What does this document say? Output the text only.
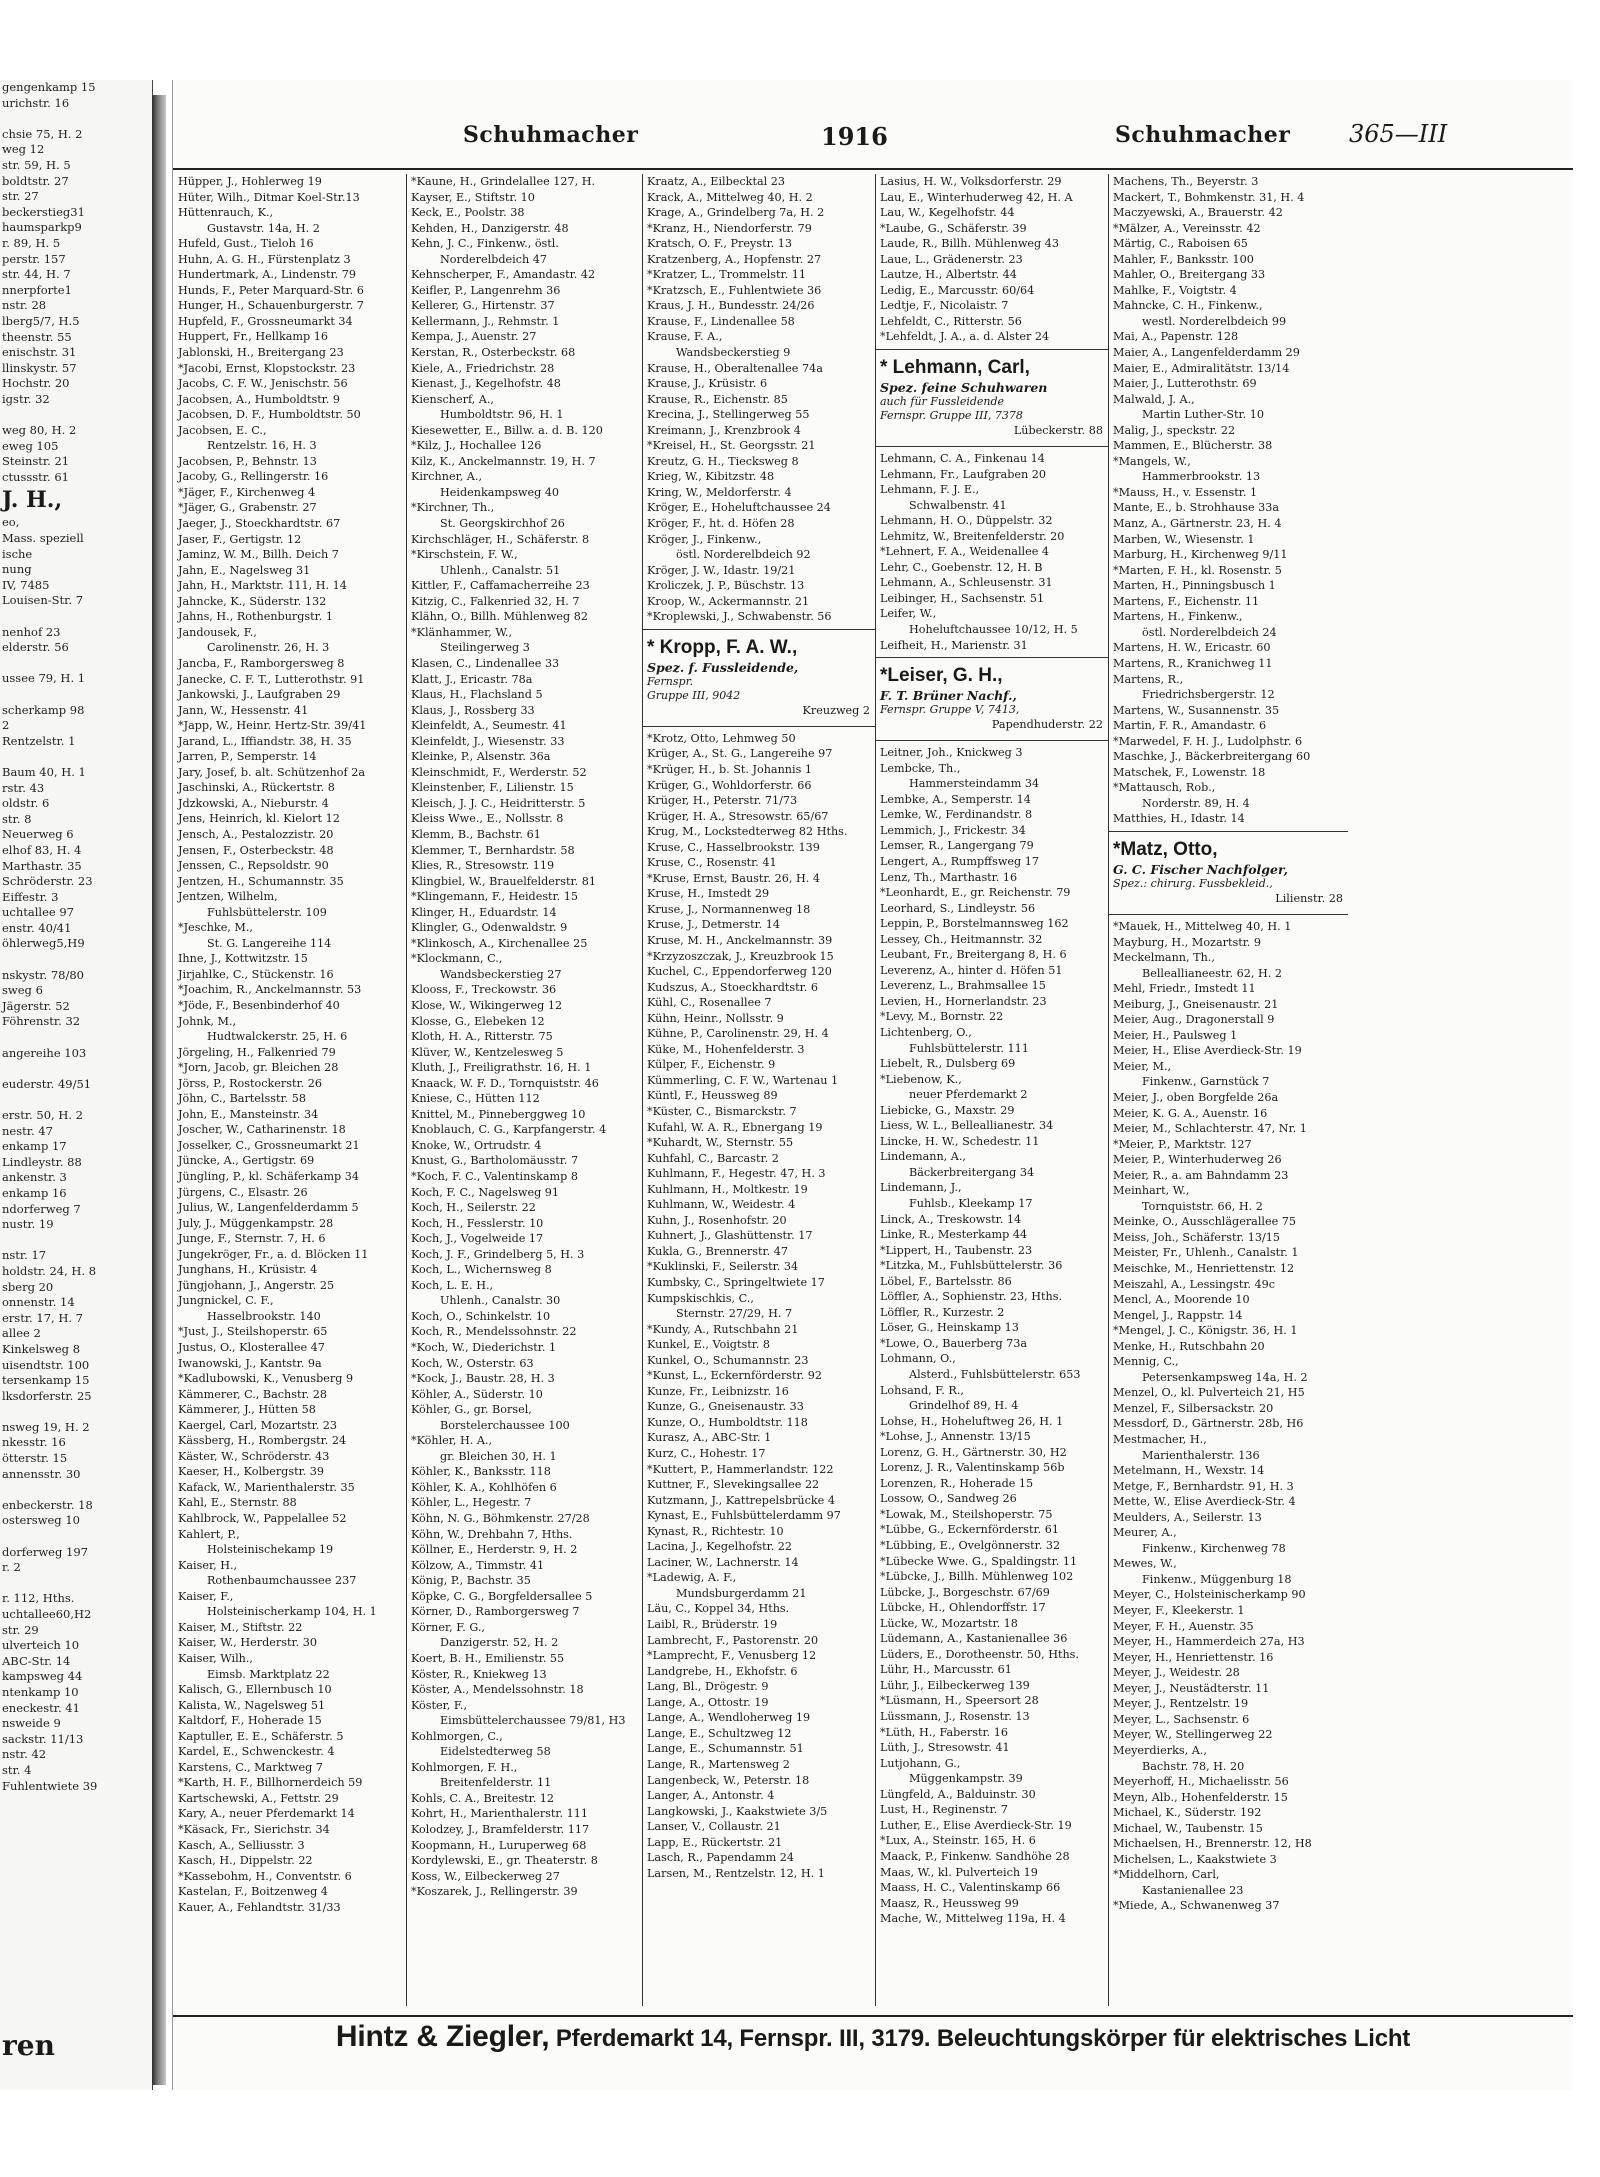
gengenkamp 15
urichstr. 16

chsie 75, H. 2
weg 12
str. 59, H. 5
boldtstr. 27
str. 27
beckerstieg31
haumsparkp9
r. 89, H. 5
perstr. 157
str. 44, H. 7
nnerpforte1
nstr. 28
lberg5/7, H.5
theenstr. 55
enischstr. 31
llinskystr. 57
Hochstr. 20
igstr. 32

weg 80, H. 2
eweg 105
Steinstr. 21
ctussstr. 61
J. H.,
eo,
Mass. speziell
ische
nung
IV, 7485
Louisen-Str. 7

nenhof 23
elderstr. 56

ussee 79, H. 1

scherkamp 98
2
Rentzelstr. 1

Baum 40, H. 1
rstr. 43
oldstr. 6
str. 8
Neuerweg 6
elhof 83, H. 4
Marthastr. 35
Schröderstr. 23
Eiffestr. 3
uchtallee 97
enstr. 40/41
öhlerweg5,H9

nskystr. 78/80
sweg 6
Jägerstr. 52
Föhrenstr. 32

angereihe 103

euderstr. 49/51

erstr. 50, H. 2
nestr. 47
enkamp 17
Lindleystr. 88
ankenstr. 3
enkamp 16
ndorferweg 7
nustr. 19

nstr. 17
holdstr. 24, H. 8
sberg 20
onnenstr. 14
erstr. 17, H. 7
allee 2
Kinkelsweg 8
uisendtstr. 100
tersenkamp 15
lksdorferstr. 25

nsweg 19, H. 2
nkesstr. 16
ötterstr. 15
annensstr. 30

enbeckerstr. 18
ostersweg 10

dorferweg 197
r. 2

r. 112, Hths.
uchtallee60,H2
str. 29
ulverteich 10
ABC-Str. 14
kampsweg 44
ntenkamp 10
eneckestr. 41
nsweide 9
sackstr. 11/13
nstr. 42
str. 4
Fuhlentwiete 39
ren
Schuhmacher	1916	Schuhmacher 365—III
Hüpper, J., Hohlerweg 19
Hüter, Wilh., Ditmar Koel-Str.13
Hüttenrauch, K.,
Gustavstr. 14a, H. 2
Hufeld, Gust., Tieloh 16
Huhn, A. G. H., Fürstenplatz 3
Hundertmark, A., Lindenstr. 79
Hunds, F., Peter Marquard-Str. 6
Hunger, H., Schauenburgerstr. 7
Hupfeld, F., Grossneumarkt 34
Huppert, Fr., Hellkamp 16
Jablonski, H., Breitergang 23
*Jacobi, Ernst, Klopstockstr. 23
Jacobs, C. F. W., Jenischstr. 56
Jacobsen, A., Humboldtstr. 9
Jacobsen, D. F., Humboldtstr. 50
Jacobsen, E. C.,
Rentzelstr. 16, H. 3
Jacobsen, P., Behnstr. 13
Jacoby, G., Rellingerstr. 16
*Jäger, F., Kirchenweg 4
*Jäger, G., Grabenstr. 27
Jaeger, J., Stoeckhardtstr. 67
Jaser, F., Gertigstr. 12
Jaminz, W. M., Billh. Deich 7
Jahn, E., Nagelsweg 31
Jahn, H., Marktstr. 111, H. 14
Jahncke, K., Süderstr. 132
Jahns, H., Rothenburgstr. 1
Jandousek, F.,
Carolinenstr. 26, H. 3
Jancba, F., Ramborgersweg 8
Janecke, C. F. T., Lutterothstr. 91
Jankowski, J., Laufgraben 29
Jann, W., Hessenstr. 41
*Japp, W., Heinr. Hertz-Str. 39/41
Jarand, L., Iffiandstr. 38, H. 35
Jarren, P., Semperstr. 14
Jary, Josef, b. alt. Schützenhof 2a
Jaschinski, A., Rückertstr. 8
Jdzkowski, A., Nieburstr. 4
Jens, Heinrich, kl. Kielort 12
Jensch, A., Pestalozzistr. 20
Jensen, F., Osterbeckstr. 48
Jenssen, C., Repsoldstr. 90
Jentzen, H., Schumannstr. 35
Jentzen, Wilhelm,
Fuhlsbüttelerstr. 109
*Jeschke, M.,
St. G. Langereihe 114
Ihne, J., Kottwitzstr. 15
Jirjahlke, C., Stückenstr. 16
*Joachim, R., Anckelmannstr. 53
*Jöde, F., Besenbinderhof 40
Johnk, M.,
Hudtwalckerstr. 25, H. 6
Jörgeling, H., Falkenried 79
*Jorn, Jacob, gr. Bleichen 28
Jörss, P., Rostockerstr. 26
Jöhn, C., Bartelsstr. 58
John, E., Mansteinstr. 34
Joscher, W., Catharinenstr. 18
Josselker, C., Grossneumarkt 21
Jüncke, A., Gertigstr. 69
Jüngling, P., kl. Schäferkamp 34
Jürgens, C., Elsastr. 26
Julius, W., Langenfelderdamm 5
July, J., Müggenkampstr. 28
Junge, F., Sternstr. 7, H. 6
Jungekröger, Fr., a. d. Blöcken 11
Junghans, H., Krüsistr. 4
Jüngjohann, J., Angerstr. 25
Jungnickel, C. F.,
Hasselbrookstr. 140
*Just, J., Steilshoperstr. 65
Justus, O., Klosterallee 47
Iwanowski, J., Kantstr. 9a
*Kadlubowski, K., Venusberg 9
Kämmerer, C., Bachstr. 28
Kämmerer, J., Hütten 58
Kaergel, Carl, Mozartstr. 23
Kässberg, H., Rombergstr. 24
Käster, W., Schröderstr. 43
Kaeser, H., Kolbergstr. 39
Kafack, W., Marienthalerstr. 35
Kahl, E., Sternstr. 88
Kahlbrock, W., Pappelallee 52
Kahlert, P.,
Holsteinischekamp 19
Kaiser, H.,
Rothenbaumchaussee 237
Kaiser, F.,
Holsteinischerkamp 104, H. 1
Kaiser, M., Stiftstr. 22
Kaiser, W., Herderstr. 30
Kaiser, Wilh.,
Eimsb. Marktplatz 22
Kalisch, G., Ellernbusch 10
Kalista, W., Nagelsweg 51
Kaltdorf, F., Hoherade 15
Kaptuller, E. E., Schäferstr. 5
Kardel, E., Schwenckestr. 4
Karstens, C., Marktweg 7
*Karth, H. F., Billhornerdeich 59
Kartschewski, A., Fettstr. 29
Kary, A., neuer Pferdemarkt 14
*Käsack, Fr., Sierichstr. 34
Kasch, A., Selliusstr. 3
Kasch, H., Dippelstr. 22
*Kassebohm, H., Conventstr. 6
Kastelan, F., Boitzenweg 4
Kauer, A., Fehlandtstr. 31/33
*Kaune, H., Grindelallee 127, H.
Kayser, E., Stiftstr. 10
Keck, E., Poolstr. 38
Kehden, H., Danzigerstr. 48
Kehn, J. C., Finkenw., östl.
Norderelbdeich 47
Kehnscherper, F., Amandastr. 42
Keifler, P., Langenrehm 36
Kellerer, G., Hirtenstr. 37
Kellermann, J., Rehmstr. 1
Kempa, J., Auenstr. 27
Kerstan, R., Osterbeckstr. 68
Kiele, A., Friedrichstr. 28
Kienast, J., Kegelhofstr. 48
Kienscherf, A.,
Humboldtstr. 96, H. 1
Kiesewetter, E., Billw. a. d. B. 120
*Kilz, J., Hochallee 126
Kilz, K., Anckelmannstr. 19, H. 7
Kirchner, A.,
Heidenkampsweg 40
*Kirchner, Th.,
St. Georgskirchhof 26
Kirchschläger, H., Schäferstr. 8
*Kirschstein, F. W.,
Uhlenh., Canalstr. 51
Kittler, F., Caffamacherreihe 23
Kitzig, C., Falkenried 32, H. 7
Klähn, O., Billh. Mühlenweg 82
*Klänhammer, W.,
Steilingerweg 3
Klasen, C., Lindenallee 33
Klatt, J., Ericastr. 78a
Klaus, H., Flachsland 5
Klaus, J., Rossberg 33
Kleinfeldt, A., Seumestr. 41
Kleinfeldt, J., Wiesenstr. 33
Kleinke, P., Alsenstr. 36a
Kleinschmidt, F., Werderstr. 52
Kleinstenber, F., Lilienstr. 15
Kleisch, J. J. C., Heidritterstr. 5
Kleiss Wwe., E., Nollsstr. 8
Klemm, B., Bachstr. 61
Klemmer, T., Bernhardstr. 58
Klies, R., Stresowstr. 119
Klingbiel, W., Brauelfelderstr. 81
*Klingemann, F., Heidestr. 15
Klinger, H., Eduardstr. 14
Klingler, G., Odenwaldstr. 9
*Klinkosch, A., Kirchenallee 25
*Klockmann, C.,
Wandsbeckerstieg 27
Klooss, F., Treckowstr. 36
Klose, W., Wikingerweg 12
Klosse, G., Elebeken 12
Kloth, H. A., Ritterstr. 75
Klüver, W., Kentzelesweg 5
Kluth, J., Freiligrathstr. 16, H. 1
Knaack, W. F. D., Tornquiststr. 46
Kniese, C., Hütten 112
Knittel, M., Pinneberggweg 10
Knoblauch, C. G., Karpfangerstr. 4
Knoke, W., Ortrudstr. 4
Knust, G., Bartholomäusstr. 7
*Koch, F. C., Valentinskamp 8
Koch, F. C., Nagelsweg 91
Koch, H., Seilerstr. 22
Koch, H., Fesslerstr. 10
Koch, J., Vogelweide 17
Koch, J. F., Grindelberg 5, H. 3
Koch, L., Wichernsweg 8
Koch, L. E. H.,
Uhlenh., Canalstr. 30
Koch, O., Schinkelstr. 10
Koch, R., Mendelssohnstr. 22
*Koch, W., Diederichstr. 1
Koch, W., Osterstr. 63
*Kock, J., Baustr. 28, H. 3
Köhler, A., Süderstr. 10
Köhler, G., gr. Borsel,
Borstelerchaussee 100
*Köhler, H. A.,
gr. Bleichen 30, H. 1
Köhler, K., Banksstr. 118
Köhler, K. A., Kohlhöfen 6
Köhler, L., Hegestr. 7
Köhn, N. G., Böhmkenstr. 27/28
Köhn, W., Drehbahn 7, Hths.
Köllner, E., Herderstr. 9, H. 2
Kölzow, A., Timmstr. 41
König, P., Bachstr. 35
Köpke, C. G., Borgfeldersallee 5
Körner, D., Ramborgersweg 7
Körner, F. G.,
Danzigerstr. 52, H. 2
Koert, B. H., Emilienstr. 55
Köster, R., Kniekweg 13
Köster, A., Mendelssohnstr. 18
Köster, F.,
Eimsbüttelerchaussee 79/81, H3
Kohlmorgen, C.,
Eidelstedterweg 58
Kohlmorgen, F. H.,
Breitenfelderstr. 11
Kohls, C. A., Breitestr. 12
Kohrt, H., Marienthalerstr. 111
Kolodzey, J., Bramfelderstr. 117
Koopmann, H., Luruperweg 68
Kordylewski, E., gr. Theaterstr. 8
Koss, W., Eilbeckerweg 27
*Koszarek, J., Rellingerstr. 39
Kraatz, A., Eilbecktal 23
Krack, A., Mittelweg 40, H. 2
Krage, A., Grindelberg 7a, H. 2
*Kranz, H., Niendorferstr. 79
Kratsch, O. F., Preystr. 13
Kratzenberg, A., Hopfenstr. 27
*Kratzer, L., Trommelstr. 11
*Kratzsch, E., Fuhlentwiete 36
Kraus, J. H., Bundesstr. 24/26
Krause, F., Lindenallee 58
Krause, F. A.,
Wandsbeckerstieg 9
Krause, H., Oberaltenallee 74a
Krause, J., Krüsistr. 6
Krause, R., Eichenstr. 85
Krecina, J., Stellingerweg 55
Kreimann, J., Krenzbrook 4
*Kreisel, H., St. Georgsstr. 21
Kreutz, G. H., Tiecksweg 8
Krieg, W., Kibitzstr. 48
Kring, W., Meldorferstr. 4
Kröger, E., Hoheluftchaussee 24
Kröger, F., ht. d. Höfen 28
Kröger, J., Finkenw.,
östl. Norderelbdeich 92
Kröger, J. W., Idastr. 19/21
Kroliczek, J. P., Büschstr. 13
Kroop, W., Ackermannstr. 21
*Kroplewski, J., Schwabenstr. 56
* Kropp, F. A. W.,
Spez. f. Fussleidende,
Fernspr.
Gruppe III, 9042
Kreuzweg 2
*Krotz, Otto, Lehmweg 50
Krüger, A., St. G., Langereihe 97
*Krüger, H., b. St. Johannis 1
Krüger, G., Wohldorferstr. 66
Krüger, H., Peterstr. 71/73
Krüger, H. A., Stresowstr. 65/67
Krug, M., Lockstedterweg 82 Hths.
Kruse, C., Hasselbrookstr. 139
Kruse, C., Rosenstr. 41
*Kruse, Ernst, Baustr. 26, H. 4
Kruse, H., Imstedt 29
Kruse, J., Normannenweg 18
Kruse, J., Detmerstr. 14
Kruse, M. H., Anckelmannstr. 39
*Krzyzoszczak, J., Kreuzbrook 15
Kuchel, C., Eppendorferweg 120
Kudszus, A., Stoeckhardtstr. 6
Kühl, C., Rosenallee 7
Kühn, Heinr., Nollsstr. 9
Kühne, P., Carolinenstr. 29, H. 4
Küke, M., Hohenfelderstr. 3
Külper, F., Eichenstr. 9
Kümmerling, C. F. W., Wartenau 1
Küntl, F., Heussweg 89
*Küster, C., Bismarckstr. 7
Kufahl, W. A. R., Ebnergang 19
*Kuhardt, W., Sternstr. 55
Kuhfahl, C., Barcastr. 2
Kuhlmann, F., Hegestr. 47, H. 3
Kuhlmann, H., Moltkestr. 19
Kuhlmann, W., Weidestr. 4
Kuhn, J., Rosenhofstr. 20
Kuhnert, J., Glashüttenstr. 17
Kukla, G., Brennerstr. 47
*Kuklinski, F., Seilerstr. 34
Kumbsky, C., Springeltwiete 17
Kumpskischkis, C.,
Sternstr. 27/29, H. 7
*Kundy, A., Rutschbahn 21
Kunkel, E., Voigtstr. 8
Kunkel, O., Schumannstr. 23
*Kunst, L., Eckernförderstr. 92
Kunze, Fr., Leibnizstr. 16
Kunze, G., Gneisenaustr. 33
Kunze, O., Humboldtstr. 118
Kurasz, A., ABC-Str. 1
Kurz, C., Hohestr. 17
*Kuttert, P., Hammerlandstr. 122
Kuttner, F., Slevekingsallee 22
Kutzmann, J., Kattrepelsbrücke 4
Kynast, E., Fuhlsbüttelerdamm 97
Kynast, R., Richtestr. 10
Lacina, J., Kegelhofstr. 22
Laciner, W., Lachnerstr. 14
*Ladewig, A. F.,
Mundsburgerdamm 21
Läu, C., Koppel 34, Hths.
Laibl, R., Brüderstr. 19
Lambrecht, F., Pastorenstr. 20
*Lamprecht, F., Venusberg 12
Landgrebe, H., Ekhofstr. 6
Lang, Bl., Drögestr. 9
Lange, A., Ottostr. 19
Lange, A., Wendloherweg 19
Lange, E., Schultzweg 12
Lange, E., Schumannstr. 51
Lange, R., Martensweg 2
Langenbeck, W., Peterstr. 18
Langer, A., Antonstr. 4
Langkowski, J., Kaakstwiete 3/5
Lanser, V., Collaustr. 21
Lapp, E., Rückertstr. 21
Lasch, R., Papendamm 24
Larsen, M., Rentzelstr. 12, H. 1
Lasius, H. W., Volksdorferstr. 29
Lau, E., Winterhuderweg 42, H. A
Lau, W., Kegelhofstr. 44
*Laube, G., Schäferstr. 39
Laude, R., Billh. Mühlenweg 43
Laue, L., Grädenerstr. 23
Lautze, H., Albertstr. 44
Ledig, E., Marcusstr. 60/64
Ledtje, F., Nicolaistr. 7
Lehfeldt, C., Ritterstr. 56
*Lehfeldt, J. A., a. d. Alster 24
* Lehmann, Carl,
Spez. feine Schuhwaren
auch für Fussleidende
Fernspr. Gruppe III, 7378
Lübeckerstr. 88
Lehmann, C. A., Finkenau 14
Lehmann, Fr., Laufgraben 20
Lehmann, F. J. E.,
Schwalbenstr. 41
Lehmann, H. O., Düppelstr. 32
Lehmitz, W., Breitenfelderstr. 20
*Lehnert, F. A., Weidenallee 4
Lehr, C., Goebenstr. 12, H. B
Lehmann, A., Schleusenstr. 31
Leibinger, H., Sachsenstr. 51
Leifer, W.,
Hoheluftchaussee 10/12, H. 5
Leifheit, H., Marienstr. 31
*Leiser, G. H.,
F. T. Brüner Nachf.,
Fernspr. Gruppe V, 7413,
Papendhuderstr. 22
Leitner, Joh., Knickweg 3
Lembcke, Th.,
Hammersteindamm 34
Lembke, A., Semperstr. 14
Lemke, W., Ferdinandstr. 8
Lemmich, J., Frickestr. 34
Lemser, R., Langergang 79
Lengert, A., Rumpffsweg 17
Lenz, Th., Marthastr. 16
*Leonhardt, E., gr. Reichenstr. 79
Leorhard, S., Lindleystr. 56
Leppin, P., Borstelmannsweg 162
Lessey, Ch., Heitmannstr. 32
Leubant, Fr., Breitergang 8, H. 6
Leverenz, A., hinter d. Höfen 51
Leverenz, L., Brahmsallee 15
Levien, H., Hornerlandstr. 23
*Levy, M., Bornstr. 22
Lichtenberg, O.,
Fuhlsbüttelerstr. 111
Liebelt, R., Dulsberg 69
*Liebenow, K.,
neuer Pferdemarkt 2
Liebicke, G., Maxstr. 29
Liess, W. L., Belleallianestr. 34
Lincke, H. W., Schedestr. 11
Lindemann, A.,
Bäckerbreitergang 34
Lindemann, J.,
Fuhlsb., Kleekamp 17
Linck, A., Treskowstr. 14
Linke, R., Mesterkamp 44
*Lippert, H., Taubenstr. 23
*Litzka, M., Fuhlsbüttelerstr. 36
Löbel, F., Bartelsstr. 86
Löffler, A., Sophienstr. 23, Hths.
Löffler, R., Kurzestr. 2
Löser, G., Heinskamp 13
*Lowe, O., Bauerberg 73a
Lohmann, O.,
Alsterd., Fuhlsbüttelerstr. 653
Lohsand, F. R.,
Grindelhof 89, H. 4
Lohse, H., Hoheluftweg 26, H. 1
*Lohse, J., Annenstr. 13/15
Lorenz, G. H., Gärtnerstr. 30, H2
Lorenz, J. R., Valentinskamp 56b
Lorenzen, R., Hoherade 15
Lossow, O., Sandweg 26
*Lowak, M., Steilshoperstr. 75
*Lübbe, G., Eckernförderstr. 61
*Lübbing, E., Ovelgönnerstr. 32
*Lübecke Wwe. G., Spaldingstr. 11
*Lübcke, J., Billh. Mühlenweg 102
Lübcke, J., Borgeschstr. 67/69
Lübcke, H., Ohlendorffstr. 17
Lücke, W., Mozartstr. 18
Lüdemann, A., Kastanienallee 36
Lüders, E., Dorotheenstr. 50, Hths.
Lühr, H., Marcusstr. 61
Lühr, J., Eilbeckerweg 139
*Lüsmann, H., Speersort 28
Lüssmann, J., Rosenstr. 13
*Lüth, H., Faberstr. 16
Lüth, J., Stresowstr. 41
Lutjohann, G.,
Müggenkampstr. 39
Lüngfeld, A., Balduinstr. 30
Lust, H., Reginenstr. 7
Luther, E., Elise Averdieck-Str. 19
*Lux, A., Steinstr. 165, H. 6
Maack, P., Finkenw. Sandhöhe 28
Maas, W., kl. Pulverteich 19
Maass, H. C., Valentinskamp 66
Maasz, R., Heussweg 99
Mache, W., Mittelweg 119a, H. 4
Machens, Th., Beyerstr. 3
Mackert, T., Bohmkenstr. 31, H. 4
Maczyewski, A., Brauerstr. 42
*Mälzer, A., Vereinsstr. 42
Märtig, C., Raboisen 65
Mahler, F., Banksstr. 100
Mahler, O., Breitergang 33
Mahlke, F., Voigtstr. 4
Mahncke, C. H., Finkenw.,
westl. Norderelbdeich 99
Mai, A., Papenstr. 128
Maier, A., Langenfelderdamm 29
Maier, E., Admiralitätstr. 13/14
Maier, J., Lutterothstr. 69
Malwald, J. A.,
Martin Luther-Str. 10
Malig, J., speckstr. 22
Mammen, E., Blücherstr. 38
*Mangels, W.,
Hammerbrookstr. 13
*Mauss, H., v. Essenstr. 1
Mante, E., b. Strohhause 33a
Manz, A., Gärtnerstr. 23, H. 4
Marben, W., Wiesenstr. 1
Marburg, H., Kirchenweg 9/11
*Marten, F. H., kl. Rosenstr. 5
Marten, H., Pinningsbusch 1
Martens, F., Eichenstr. 11
Martens, H., Finkenw.,
östl. Norderelbdeich 24
Martens, H. W., Ericastr. 60
Martens, R., Kranichweg 11
Martens, R.,
Friedrichsbergerstr. 12
Martens, W., Susannenstr. 35
Martin, F. R., Amandastr. 6
*Marwedel, F. H. J., Ludolphstr. 6
Maschke, J., Bäckerbreitergang 60
Matschek, F., Lowenstr. 18
*Mattausch, Rob.,
Norderstr. 89, H. 4
Matthies, H., Idastr. 14
*Matz, Otto,
G. C. Fischer Nachfolger,
Spez.: chirurg. Fussbekleid.,
Lilienstr. 28
*Mauek, H., Mittelweg 40, H. 1
Mayburg, H., Mozartstr. 9
Meckelmann, Th.,
Belleallianeestr. 62, H. 2
Mehl, Friedr., Imstedt 11
Meiburg, J., Gneisenaustr. 21
Meier, Aug., Dragonerstall 9
Meier, H., Paulsweg 1
Meier, H., Elise Averdieck-Str. 19
Meier, M.,
Finkenw., Garnstück 7
Meier, J., oben Borgfelde 26a
Meier, K. G. A., Auenstr. 16
Meier, M., Schlachterstr. 47, Nr. 1
*Meier, P., Marktstr. 127
Meier, P., Winterhuderweg 26
Meier, R., a. am Bahndamm 23
Meinhart, W.,
Tornquiststr. 66, H. 2
Meinke, O., Ausschlägerallee 75
Meiss, Joh., Schäferstr. 13/15
Meister, Fr., Uhlenh., Canalstr. 1
Meischke, M., Henriettenstr. 12
Meiszahl, A., Lessingstr. 49c
Mencl, A., Moorende 10
Mengel, J., Rappstr. 14
*Mengel, J. C., Königstr. 36, H. 1
Menke, H., Rutschbahn 20
Mennig, C.,
Petersenkampsweg 14a, H. 2
Menzel, O., kl. Pulverteich 21, H5
Menzel, F., Silbersackstr. 20
Messdorf, D., Gärtnerstr. 28b, H6
Mestmacher, H.,
Marienthalerstr. 136
Metelmann, H., Wexstr. 14
Metge, F., Bernhardstr. 91, H. 3
Mette, W., Elise Averdieck-Str. 4
Meulders, A., Seilerstr. 13
Meurer, A.,
Finkenw., Kirchenweg 78
Mewes, W.,
Finkenw., Müggenburg 18
Meyer, C., Holsteinischerkamp 90
Meyer, F., Kleekerstr. 1
Meyer, F. H., Auenstr. 35
Meyer, H., Hammerdeich 27a, H3
Meyer, H., Henriettenstr. 16
Meyer, J., Weidestr. 28
Meyer, J., Neustädterstr. 11
Meyer, J., Rentzelstr. 19
Meyer, L., Sachsenstr. 6
Meyer, W., Stellingerweg 22
Meyerdierks, A.,
Bachstr. 78, H. 20
Meyerhoff, H., Michaelisstr. 56
Meyn, Alb., Hohenfelderstr. 15
Michael, K., Süderstr. 192
Michael, W., Taubenstr. 15
Michaelsen, H., Brennerstr. 12, H8
Michelsen, L., Kaakstwiete 3
*Middelhorn, Carl,
Kastanienallee 23
*Miede, A., Schwanenweg 37
Hintz & Ziegler, Pferdemarkt 14, Fernspr. III, 3179. Beleuchtungskörper für elektrisches Licht
